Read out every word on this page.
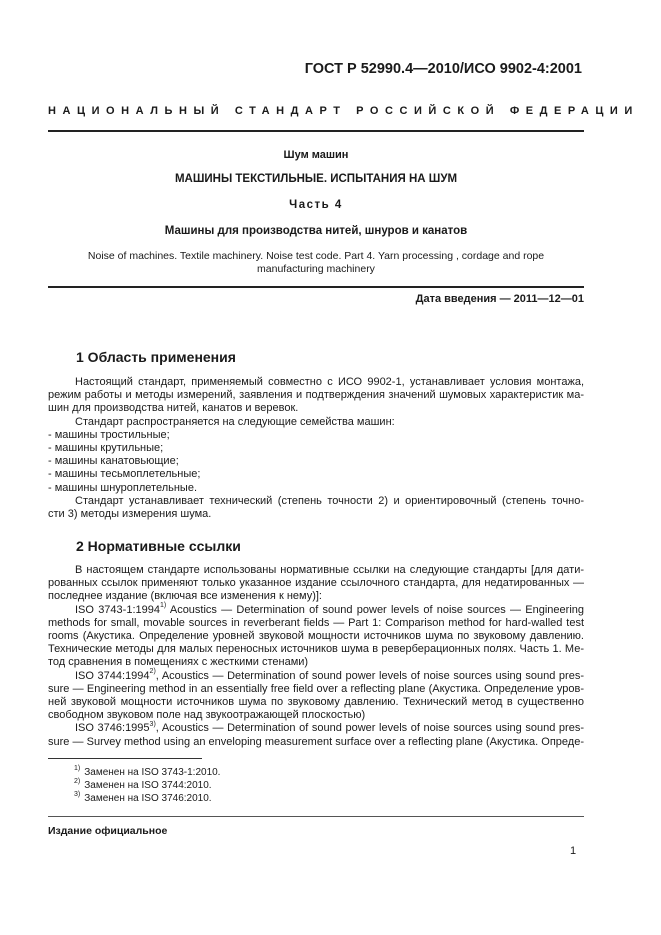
ГОСТ Р 52990.4—2010/ИСО 9902-4:2001
НАЦИОНАЛЬНЫЙ СТАНДАРТ РОССИЙСКОЙ ФЕДЕРАЦИИ
Шум машин
МАШИНЫ ТЕКСТИЛЬНЫЕ. ИСПЫТАНИЯ НА ШУМ
Часть 4
Машины для производства нитей, шнуров и канатов
Noise of machines. Textile machinery. Noise test code. Part 4. Yarn processing , cordage and rope manufacturing machinery
Дата введения — 2011—12—01
1 Область применения
Настоящий стандарт, применяемый совместно с ИСО 9902-1, устанавливает условия монтажа,
режим работы и методы измерений, заявления и подтверждения значений шумовых характеристик ма-
шин для производства нитей, канатов и веревок.
Стандарт распространяется на следующие семейства машин:
- машины тростильные;
- машины крутильные;
- машины канатовьющие;
- машины тесьмоплетельные;
- машины шнуроплетельные.
Стандарт устанавливает технический (степень точности 2) и ориентировочный (степень точно-
сти 3) методы измерения шума.
2 Нормативные ссылки
В настоящем стандарте использованы нормативные ссылки на следующие стандарты [для дати-
рованных ссылок применяют только указанное издание ссылочного стандарта, для недатированных —
последнее издание (включая все изменения к нему)]:
ISO 3743-1:1994$^{1)}$ Acoustics — Determination of sound power levels of noise sources — Engineering
methods for small, movable sources in reverberant fields — Part 1: Comparison method for hard-walled test
rooms (Акустика. Определение уровней звуковой мощности источников шума по звуковому давлению.
Технические методы для малых переносных источников шума в реверберационных полях. Часть 1. Ме-
тод сравнения в помещениях с жесткими стенами)
ISO 3744:1994$^{2)}$, Acoustics — Determination of sound power levels of noise sources using sound pres-
sure — Engineering method in an essentially free field over a reflecting plane (Акустика. Определение уров-
ней звуковой мощности источников шума по звуковому давлению. Технический метод в существенно
свободном звуковом поле над звукоотражающей плоскостью)
ISO 3746:1995$^{3)}$, Acoustics — Determination of sound power levels of noise sources using sound pres-
sure — Survey method using an enveloping measurement surface over a reflecting plane (Акустика. Опреде-
$^{1)}$ Заменен на ISO 3743-1:2010.
$^{2)}$ Заменен на ISO 3744:2010.
$^{3)}$ Заменен на ISO 3746:2010.
Издание официальное
1
